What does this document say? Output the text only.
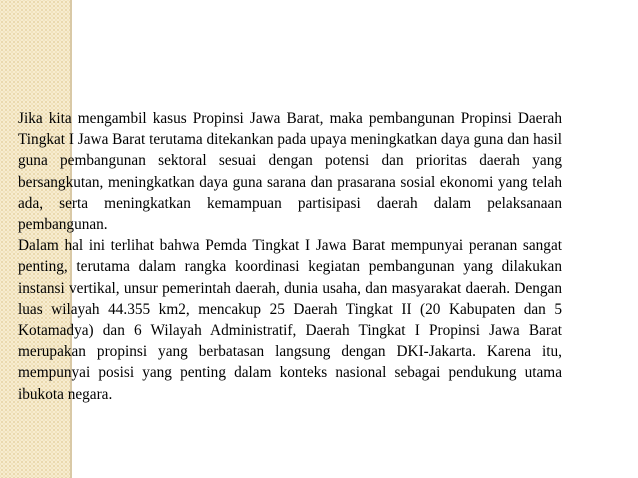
Jika kita mengambil kasus Propinsi Jawa Barat, maka pembangunan Propinsi Daerah Tingkat I Jawa Barat terutama ditekankan pada upaya meningkatkan daya guna dan hasil guna pembangunan sektoral sesuai dengan potensi dan prioritas daerah yang bersangkutan, meningkatkan daya guna sarana dan prasarana sosial ekonomi yang telah ada, serta meningkatkan kemampuan partisipasi daerah dalam pelaksanaan pembangunan.

Dalam hal ini terlihat bahwa Pemda Tingkat I Jawa Barat mempunyai peranan sangat penting, terutama dalam rangka koordinasi kegiatan pembangunan yang dilakukan instansi vertikal, unsur pemerintah daerah, dunia usaha, dan masyarakat daerah. Dengan luas wilayah 44.355 km2, mencakup 25 Daerah Tingkat II (20 Kabupaten dan 5 Kotamadya) dan 6 Wilayah Administratif, Daerah Tingkat I Propinsi Jawa Barat merupakan propinsi yang berbatasan langsung dengan DKI-Jakarta. Karena itu, mempunyai posisi yang penting dalam konteks nasional sebagai pendukung utama ibukota negara.
